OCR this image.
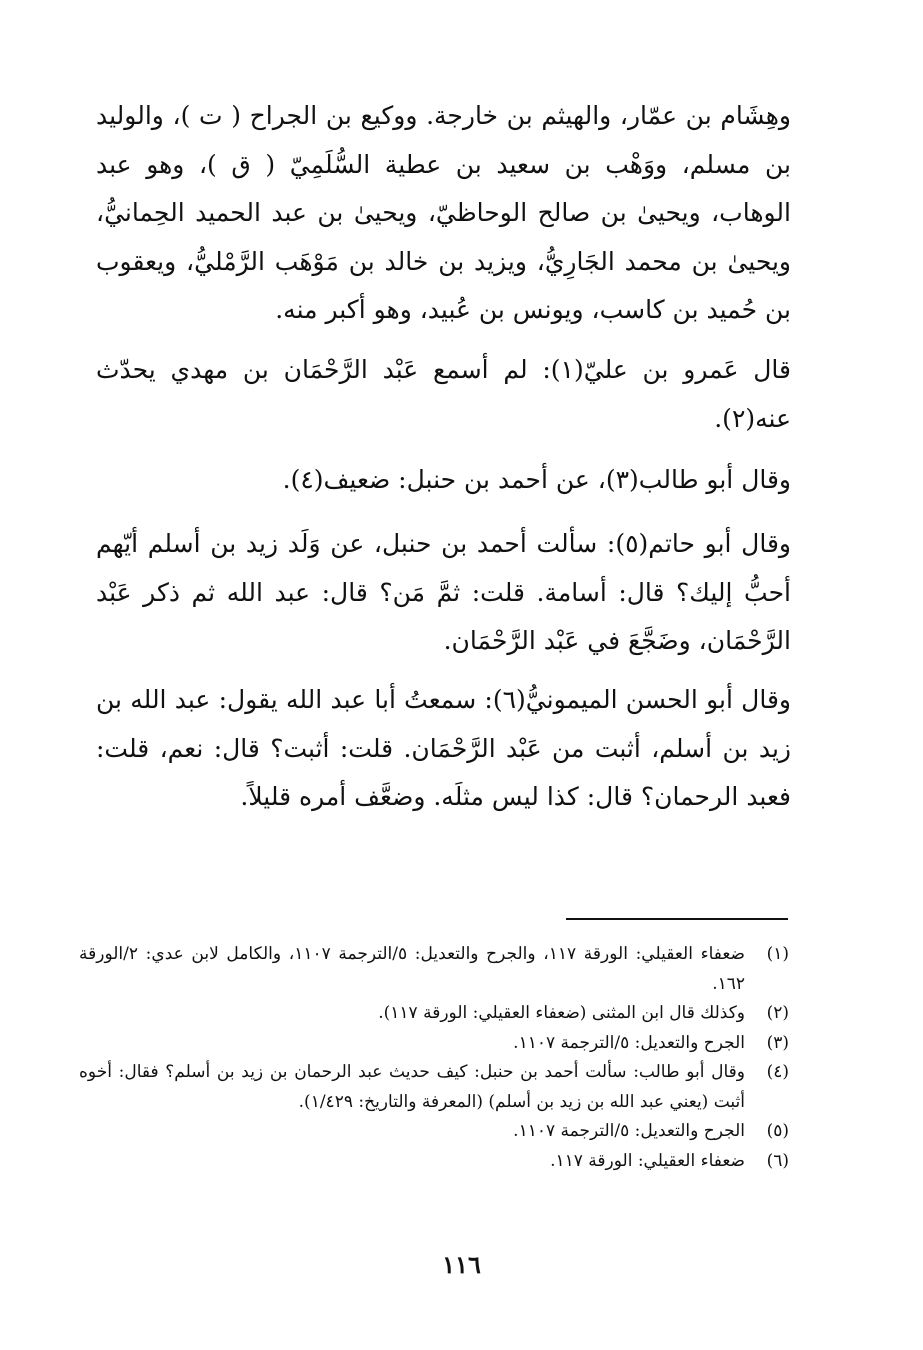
وهِشَام بن عمّار، والهيثم بن خارجة. ووكيع بن الجراح ( ت )، والوليد بن مسلم، ووَهْب بن سعيد بن عطية السُّلَمِيّ ( ق )، وهو عبد الوهاب، ويحيىٰ بن صالح الوحاظيّ، ويحيىٰ بن عبد الحميد الحِمانيُّ، ويحيىٰ بن محمد الجَارِيُّ، ويزيد بن خالد بن مَوْهَب الرَّمْليُّ، ويعقوب بن حُميد بن كاسب، ويونس بن عُبيد، وهو أكبر منه.

قال عَمرو بن عليّ(١): لم أسمع عَبْد الرَّحْمَان بن مهدي يحدّث عنه(٢).

وقال أبو طالب(٣)، عن أحمد بن حنبل: ضعيف(٤).

وقال أبو حاتم(٥): سألت أحمد بن حنبل، عن وَلَد زيد بن أسلم أيّهم أحبُّ إليك؟ قال: أسامة. قلت: ثمَّ مَن؟ قال: عبد الله ثم ذكر عَبْد الرَّحْمَان، وضَجَّعَ في عَبْد الرَّحْمَان.

وقال أبو الحسن الميمونيُّ(٦): سمعتُ أبا عبد الله يقول: عبد الله بن زيد بن أسلم، أثبت من عَبْد الرَّحْمَان. قلت: أثبت؟ قال: نعم، قلت: فعبد الرحمان؟ قال: كذا ليس مثلَه. وضعَّف أمره قليلاً.

(١)
ضعفاء العقيلي: الورقة ١١٧، والجرح والتعديل: ٥/الترجمة ١١٠٧، والكامل لابن عدي: ٢/الورقة ١٦٢.
(٢)
وكذلك قال ابن المثنى (ضعفاء العقيلي: الورقة ١١٧).
(٣)
الجرح والتعديل: ٥/الترجمة ١١٠٧.
(٤)
وقال أبو طالب: سألت أحمد بن حنبل: كيف حديث عبد الرحمان بن زيد بن أسلم؟ فقال: أخوه أثبت (يعني عبد الله بن زيد بن أسلم) (المعرفة والتاريخ: ١/٤٢٩).
(٥)
الجرح والتعديل: ٥/الترجمة ١١٠٧.
(٦)
ضعفاء العقيلي: الورقة ١١٧.
١١٦
